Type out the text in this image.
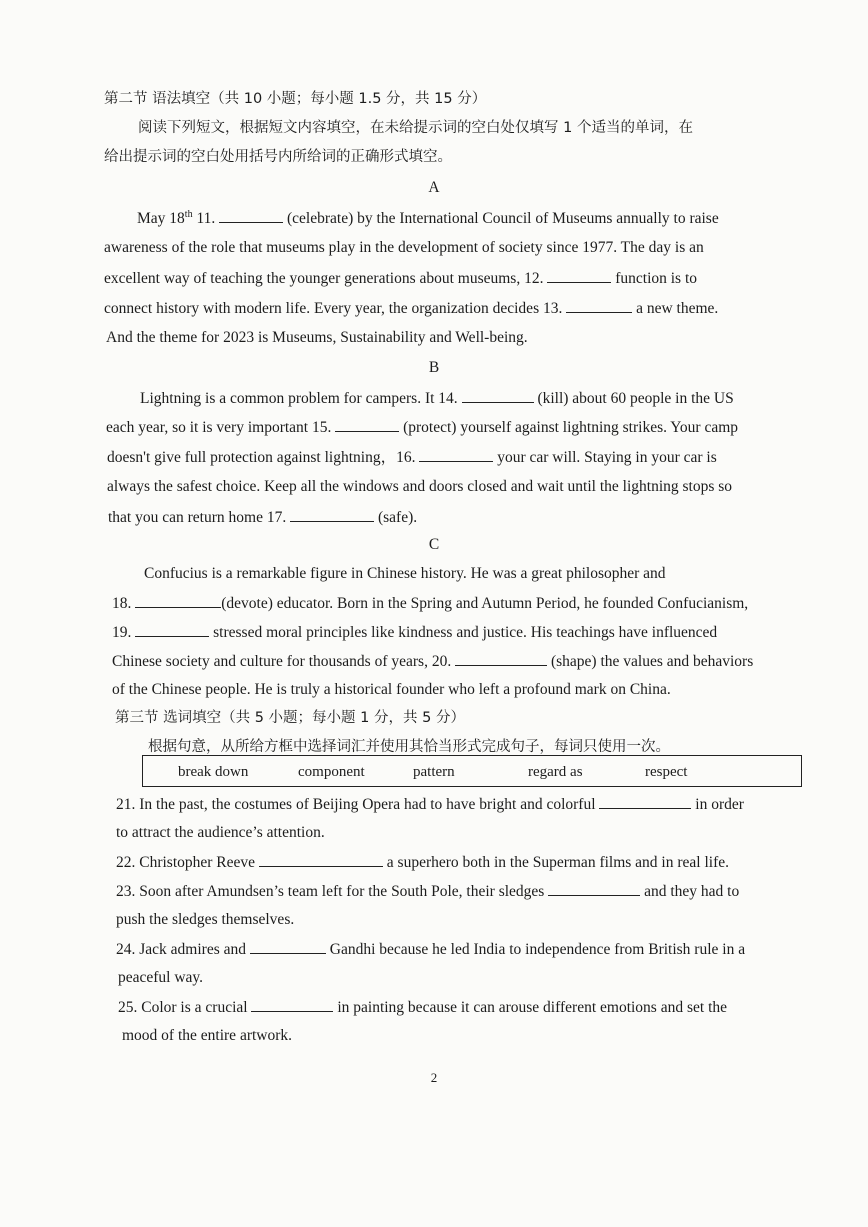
第二节 语法填空（共 10 小题；每小题 1.5 分，共 15 分）
阅读下列短文，根据短文内容填空，在未给提示词的空白处仅填写 1 个适当的单词，在
给出提示词的空白处用括号内所给词的正确形式填空。
A
May 18th 11.	(celebrate) by the International Council of Museums annually to raise
awareness of the role that museums play in the development of society since 1977. The day is an
excellent way of teaching the younger generations about museums, 12.	function is to
connect history with modern life. Every year, the organization decides 13.	a new theme.
And the theme for 2023 is Museums, Sustainability and Well-being.
B
Lightning is a common problem for campers. It 14.	(kill) about 60 people in the US
each year, so it is very important 15.	(protect) yourself against lightning strikes. Your camp
doesn't give full protection against lightning，16.	your car will. Staying in your car is
always the safest choice. Keep all the windows and doors closed and wait until the lightning stops so
that you can return home 17.	(safe).
C
Confucius is a remarkable figure in Chinese history. He was a great philosopher and
18.	(devote) educator. Born in the Spring and Autumn Period, he founded Confucianism,
19.	stressed moral principles like kindness and justice. His teachings have influenced
Chinese society and culture for thousands of years, 20.	(shape) the values and behaviors
of the Chinese people. He is truly a historical founder who left a profound mark on China.
第三节 选词填空（共 5 小题；每小题 1 分，共 5 分）
根据句意，从所给方框中选择词汇并使用其恰当形式完成句子，每词只使用一次。
break down	component	pattern	regard as	respect
21. In the past, the costumes of Beijing Opera had to have bright and colorful	in order
to attract the audience’s attention.
22. Christopher Reeve	a superhero both in the Superman films and in real life.
23. Soon after Amundsen’s team left for the South Pole, their sledges	and they had to
push the sledges themselves.
24. Jack admires and	Gandhi because he led India to independence from British rule in a
peaceful way.
25. Color is a crucial	in painting because it can arouse different emotions and set the
mood of the entire artwork.
2
